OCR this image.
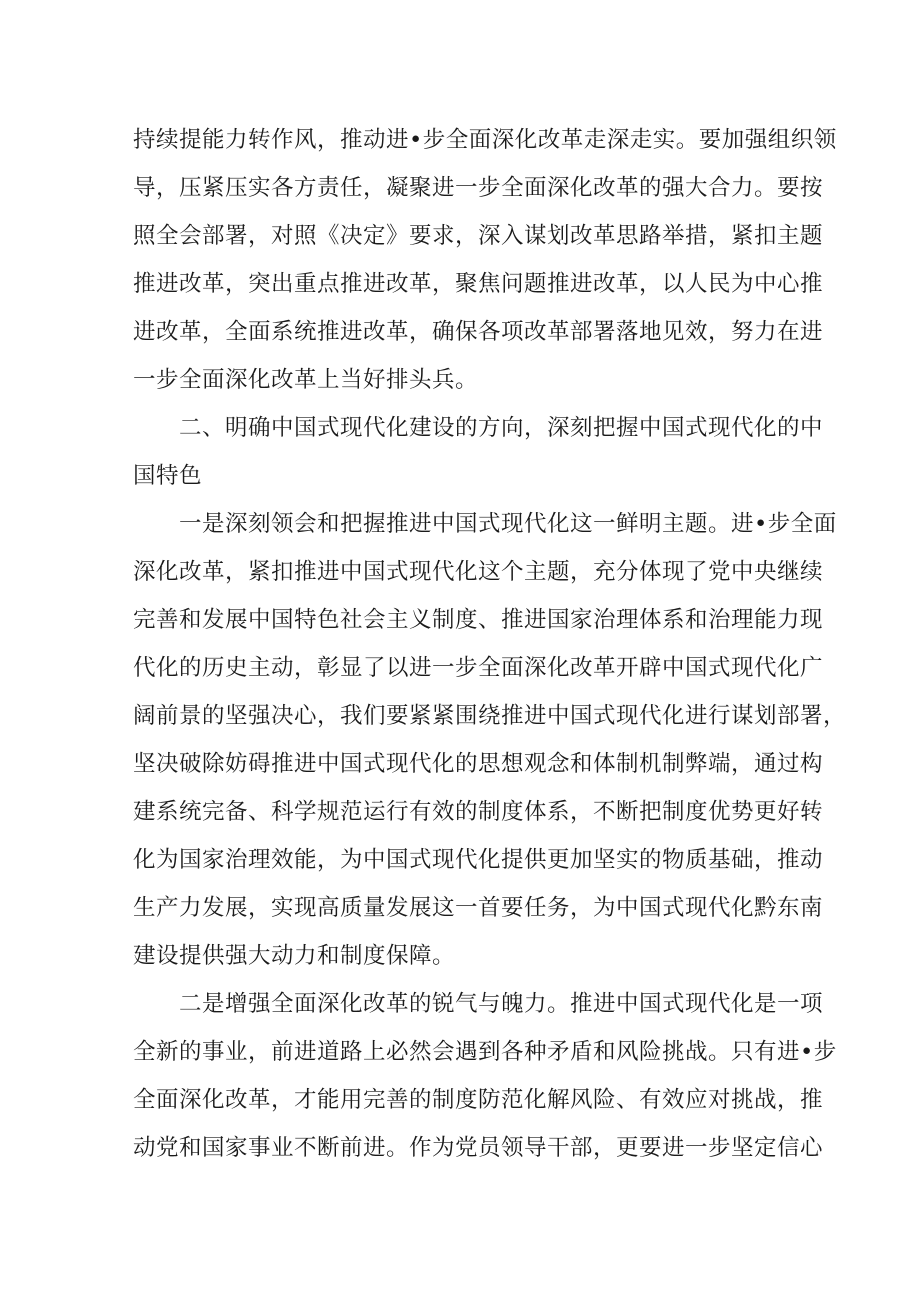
持续提能力转作风，推动进•步全面深化改革走深走实。要加强组织领
导，压紧压实各方责任，凝聚进一步全面深化改革的强大合力。要按
照全会部署，对照《决定》要求，深入谋划改革思路举措，紧扣主题
推进改革，突出重点推进改革，聚焦问题推进改革，以人民为中心推
进改革，全面系统推进改革，确保各项改革部署落地见效，努力在进
一步全面深化改革上当好排头兵。
二、明确中国式现代化建设的方向，深刻把握中国式现代化的中
国特色
一是深刻领会和把握推进中国式现代化这一鲜明主题。进•步全面
深化改革，紧扣推进中国式现代化这个主题，充分体现了党中央继续
完善和发展中国特色社会主义制度、推进国家治理体系和治理能力现
代化的历史主动，彰显了以进一步全面深化改革开辟中国式现代化广
阔前景的坚强决心，我们要紧紧围绕推进中国式现代化进行谋划部署，
坚决破除妨碍推进中国式现代化的思想观念和体制机制弊端，通过构
建系统完备、科学规范运行有效的制度体系，不断把制度优势更好转
化为国家治理效能，为中国式现代化提供更加坚实的物质基础，推动
生产力发展，实现高质量发展这一首要任务，为中国式现代化黔东南
建设提供强大动力和制度保障。
二是增强全面深化改革的锐气与魄力。推进中国式现代化是一项
全新的事业，前进道路上必然会遇到各种矛盾和风险挑战。只有进•步
全面深化改革，才能用完善的制度防范化解风险、有效应对挑战，推
动党和国家事业不断前进。作为党员领导干部，更要进一步坚定信心
